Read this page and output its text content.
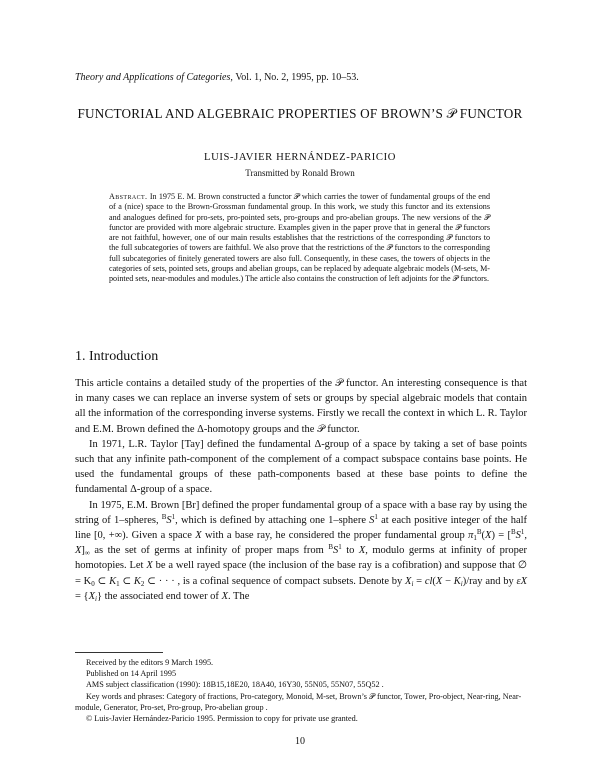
Theory and Applications of Categories, Vol. 1, No. 2, 1995, pp. 10–53.
FUNCTORIAL AND ALGEBRAIC PROPERTIES OF BROWN’S 𝒫 FUNCTOR
LUIS-JAVIER HERNÁNDEZ-PARICIO
Transmitted by Ronald Brown
Abstract. In 1975 E. M. Brown constructed a functor 𝒫 which carries the tower of fundamental groups of the end of a (nice) space to the Brown-Grossman fundamental group. In this work, we study this functor and its extensions and analogues defined for pro-sets, pro-pointed sets, pro-groups and pro-abelian groups. The new versions of the 𝒫 functor are provided with more algebraic structure. Examples given in the paper prove that in general the 𝒫 functors are not faithful, however, one of our main results establishes that the restrictions of the corresponding 𝒫 functors to the full subcategories of towers are faithful. We also prove that the restrictions of the 𝒫 functors to the corresponding full subcategories of finitely generated towers are also full. Consequently, in these cases, the towers of objects in the categories of sets, pointed sets, groups and abelian groups, can be replaced by adequate algebraic models (M-sets, M-pointed sets, near-modules and modules.) The article also contains the construction of left adjoints for the 𝒫 functors.
1. Introduction

This article contains a detailed study of the properties of the 𝒫 functor. An interesting consequence is that in many cases we can replace an inverse system of sets or groups by special algebraic models that contain all the information of the corresponding inverse systems. Firstly we recall the context in which L. R. Taylor and E.M. Brown defined the Δ-homotopy groups and the 𝒫 functor.

In 1971, L.R. Taylor [Tay] defined the fundamental Δ-group of a space by taking a set of base points such that any infinite path-component of the complement of a compact subspace contains base points. He used the fundamental groups of these path-components based at these base points to define the fundamental Δ-group of a space.

In 1975, E.M. Brown [Br] defined the proper fundamental group of a space with a base ray by using the string of 1–spheres, $^BS^1$, which is defined by attaching one 1–sphere $S^1$ at each positive integer of the half line [0, +∞). Given a space X with a base ray, he considered the proper fundamental group $\pi_1^B(X) = [^BS^1$, $X]_\infty$ as the set of germs at infinity of proper maps from $^BS^1$ to X, modulo germs at infinity of proper homotopies. Let X be a well rayed space (the inclusion of the base ray is a cofibration) and suppose that ∅ = $K_0$ ⊂ $K_1$ ⊂ $K_2$ ⊂ · · · , is a cofinal sequence of compact subsets. Denote by $X_i = cl(X - K_i)/ray$ and by $\varepsilon X = \{X_i\}$ the associated end tower of X. The

Received by the editors 9 March 1995.
Published on 14 April 1995
AMS subject classification (1990): 18B15,18E20, 18A40, 16Y30, 55N05, 55N07, 55Q52 .
Key words and phrases: Category of fractions, Pro-category, Monoid, M-set, Brown’s 𝒫 functor, Tower, Pro-object, Near-ring, Near-module, Generator, Pro-set, Pro-group, Pro-abelian group .
© Luis-Javier Hernández-Paricio 1995. Permission to copy for private use granted.
10
